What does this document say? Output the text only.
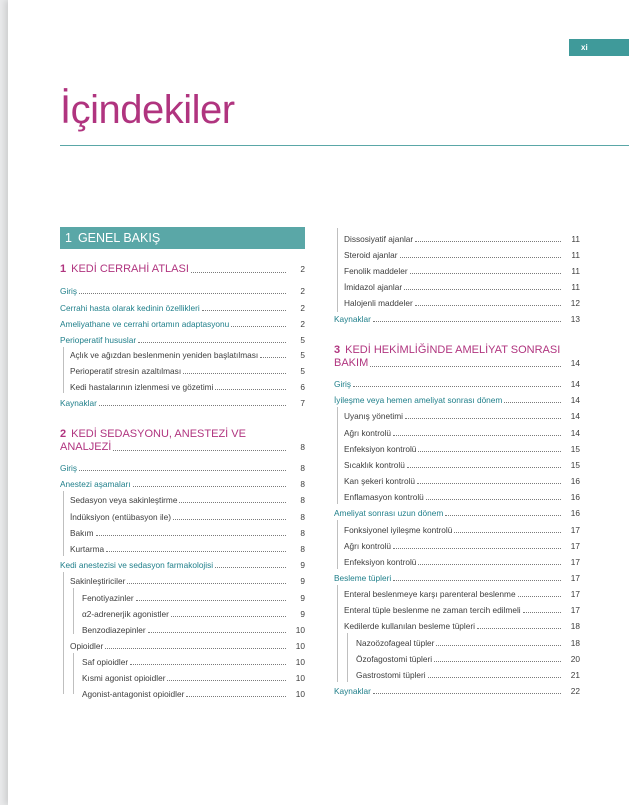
xi
İçindekiler
1 GENEL BAKIŞ
1 KEDİ CERRAHİ ATLASI	2
Giriş	2
Cerrahi hasta olarak kedinin özellikleri	2
Ameliyathane ve cerrahi ortamın adaptasyonu	2
Perioperatif hususlar	5
Açlık ve ağızdan beslenmenin yeniden başlatılması	5
Perioperatif stresin azaltılması	5
Kedi hastalarının izlenmesi ve gözetimi	6
Kaynaklar	7
2 KEDİ SEDASYONU, ANESTEZİ VE
ANALJEZİ	8
Giriş	8
Anestezi aşamaları	8
Sedasyon veya sakinleştirme	8
İndüksiyon (entübasyon ile)	8
Bakım	8
Kurtarma	8
Kedi anestezisi ve sedasyon farmakolojisi	9
Sakinleştiriciler	9
Fenotiyazinler	9
α2-adrenerjik agonistler	9
Benzodiazepinler	10
Opioidler	10
Saf opioidler	10
Kısmi agonist opioidler	10
Agonist-antagonist opioidler	10
Dissosiyatif ajanlar	11
Steroid ajanlar	11
Fenolik maddeler	11
İmidazol ajanlar	11
Halojenli maddeler	12
Kaynaklar	13
3 KEDİ HEKİMLİĞİNDE AMELİYAT SONRASI
BAKIM	14
Giriş	14
İyileşme veya hemen ameliyat sonrası dönem	14
Uyanış yönetimi	14
Ağrı kontrolü	14
Enfeksiyon kontrolü	15
Sıcaklık kontrolü	15
Kan şekeri kontrolü	16
Enflamasyon kontrolü	16
Ameliyat sonrası uzun dönem	16
Fonksiyonel iyileşme kontrolü	17
Ağrı kontrolü	17
Enfeksiyon kontrolü	17
Besleme tüpleri	17
Enteral beslenmeye karşı parenteral beslenme	17
Enteral tüple beslenme ne zaman tercih edilmeli	17
Kedilerde kullanılan besleme tüpleri	18
Nazoözofageal tüpler	18
Özofagostomi tüpleri	20
Gastrostomi tüpleri	21
Kaynaklar	22
